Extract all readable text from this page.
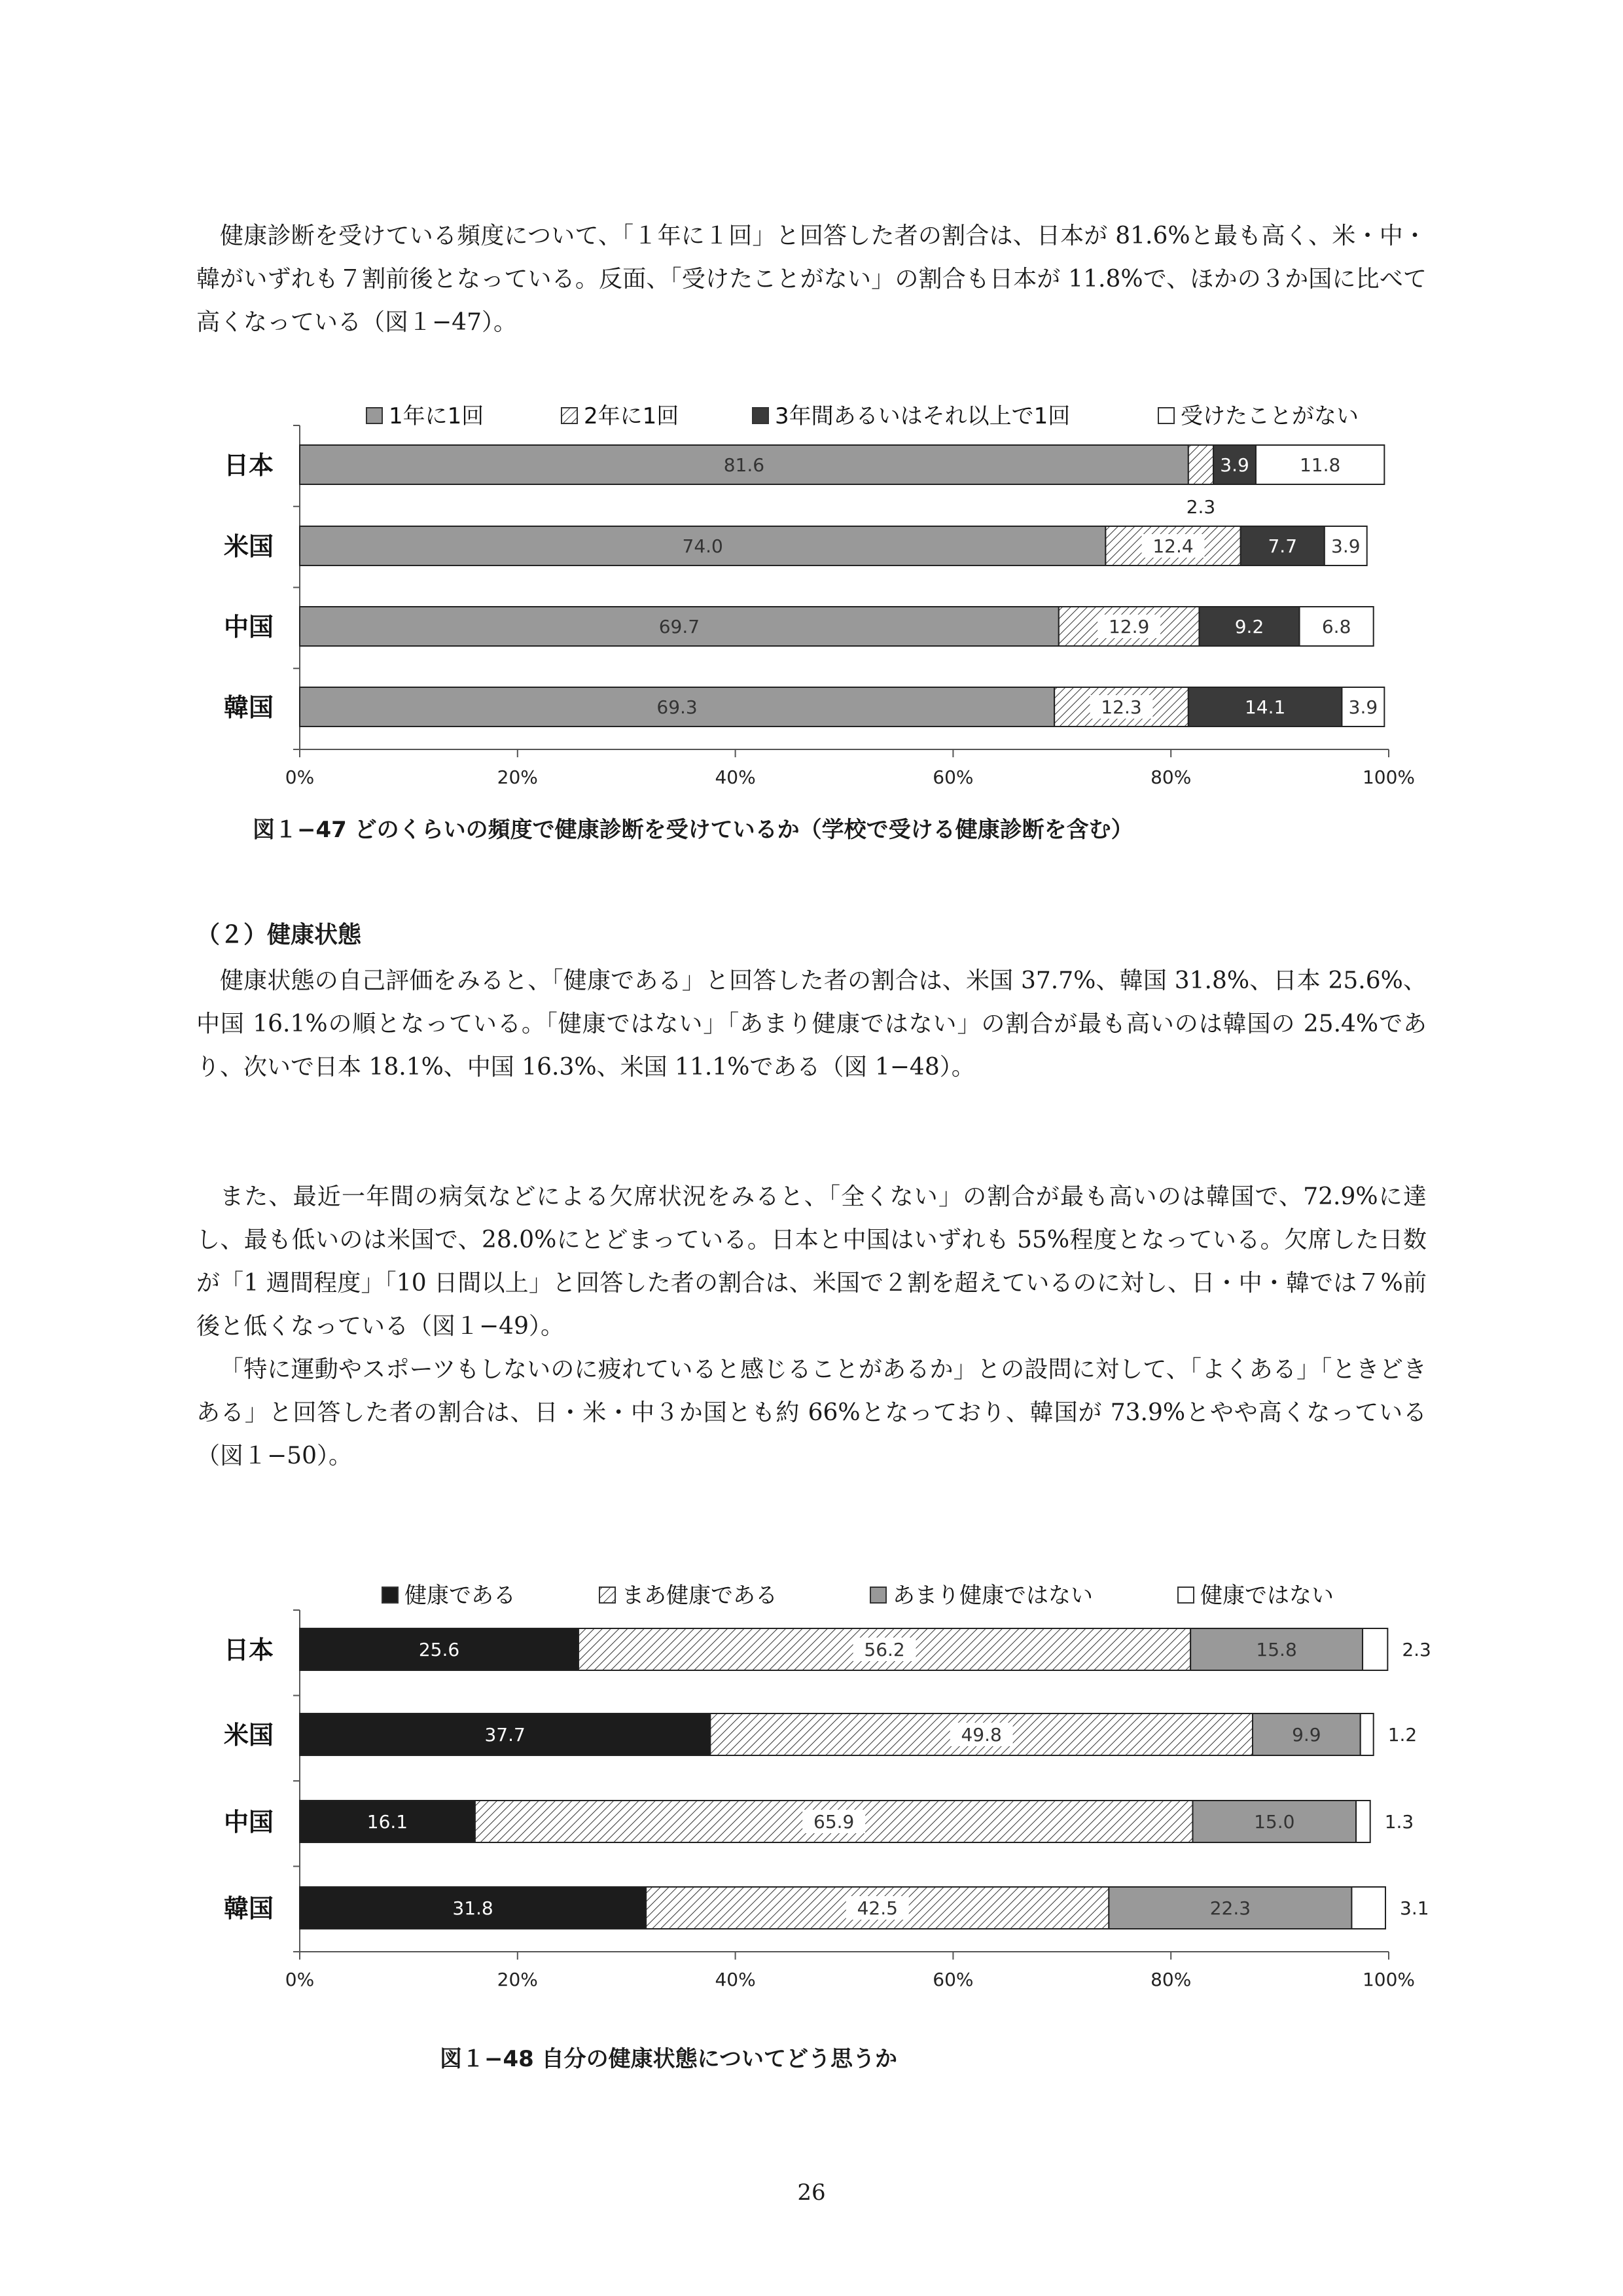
健康診断を受けている頻度について、「１年に１回」と回答した者の割合は、日本が 81.6%と最も高く、米・中・韓がいずれも７割前後となっている。反面、「受けたことがない」の割合も日本が 11.8%で、ほかの３か国に比べて高くなっている（図１−47）。

1年に1回	2年に1回	3年間あるいはそれ以上で1回	受けたことがない
0%	20%	40%	60%	80%	100%
日本	81.6
2.3
3.9	11.8
米国	74.0	12.4	7.7 3.9
中国	69.7	12.9	9.2	6.8
韓国	69.3	12.3	14.1	3.9
図１−47 どのくらいの頻度で健康診断を受けているか（学校で受ける健康診断を含む）
（２）健康状態

健康状態の自己評価をみると、「健康である」と回答した者の割合は、米国 37.7%、韓国 31.8%、日本 25.6%、中国 16.1%の順となっている。「健康ではない」「あまり健康ではない」の割合が最も高いのは韓国の 25.4%であり、次いで日本 18.1%、中国 16.3%、米国 11.1%である（図 1−48）。

また、最近一年間の病気などによる欠席状況をみると、「全くない」の割合が最も高いのは韓国で、72.9%に達し、最も低いのは米国で、28.0%にとどまっている。日本と中国はいずれも 55%程度となっている。欠席した日数が「1 週間程度」「10 日間以上」と回答した者の割合は、米国で２割を超えているのに対し、日・中・韓では７%前後と低くなっている（図１−49）。

「特に運動やスポーツもしないのに疲れていると感じることがあるか」との設問に対して、「よくある」「ときどきある」と回答した者の割合は、日・米・中３か国とも約 66%となっており、韓国が 73.9%とやや高くなっている（図１−50）。

健康である	まあ健康である	あまり健康ではない	健康ではない
0%	20%	40%	60%	80%	100%
日本	25.6	56.2	15.8	2.3
米国	37.7	49.8	9.9	1.2
中国	16.1	65.9	15.0	1.3
韓国	31.8	42.5	22.3	3.1
図１−48 自分の健康状態についてどう思うか
26
